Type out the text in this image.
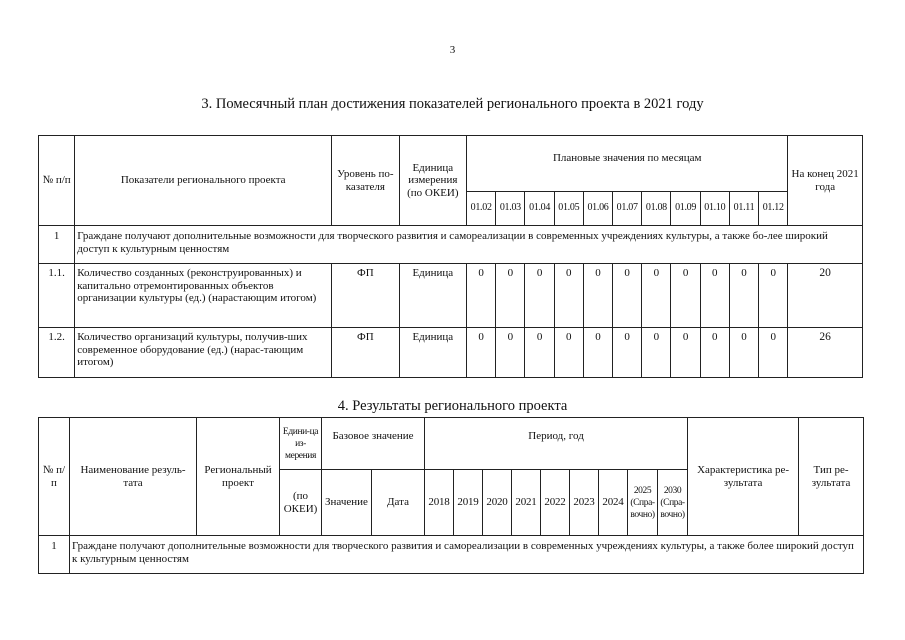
3
3. Помесячный план достижения показателей регионального проекта в 2021 году
№ п/п	Показатели регионального проекта	Уровень по-казателя	Единица измерения (по ОКЕИ)	Плановые значения по месяцам											На конец 2021 года
				01.02	01.03	01.04	01.05	01.06	01.07	01.08	01.09	01.10	01.11	01.12	
1	Граждане получают дополнительные возможности для творческого развития и самореализации в современных учреждениях культуры, а также бо-лее широкий доступ к культурным ценностям														
1.1.	Количество созданных (реконструированных) и капитально отремонтированных объектов организации культуры (ед.) (нарастающим итогом)	ФП	Единица	0	0	0	0	0	0	0	0	0	0	0	20
1.2.	Количество организаций культуры, получив-ших современное оборудование (ед.) (нарас-тающим итогом)	ФП	Единица	0	0	0	0	0	0	0	0	0	0	0	26
4. Результаты регионального проекта
№ п/п	Наименование резуль-тата	Региональный проект	Едини-ца из-мерения	Базовое значение		Период, год									Характеристика ре-зультата	Тип ре-зультата
			(по ОКЕИ)	Значение	Дата	2018	2019	2020	2021	2022	2023	2024	2025 (Спра-вочно)	2030 (Спра-вочно)		
1	Граждане получают дополнительные возможности для творческого развития и самореализации в современных учреждениях культуры, а также более широкий доступ к культурным ценностям															
